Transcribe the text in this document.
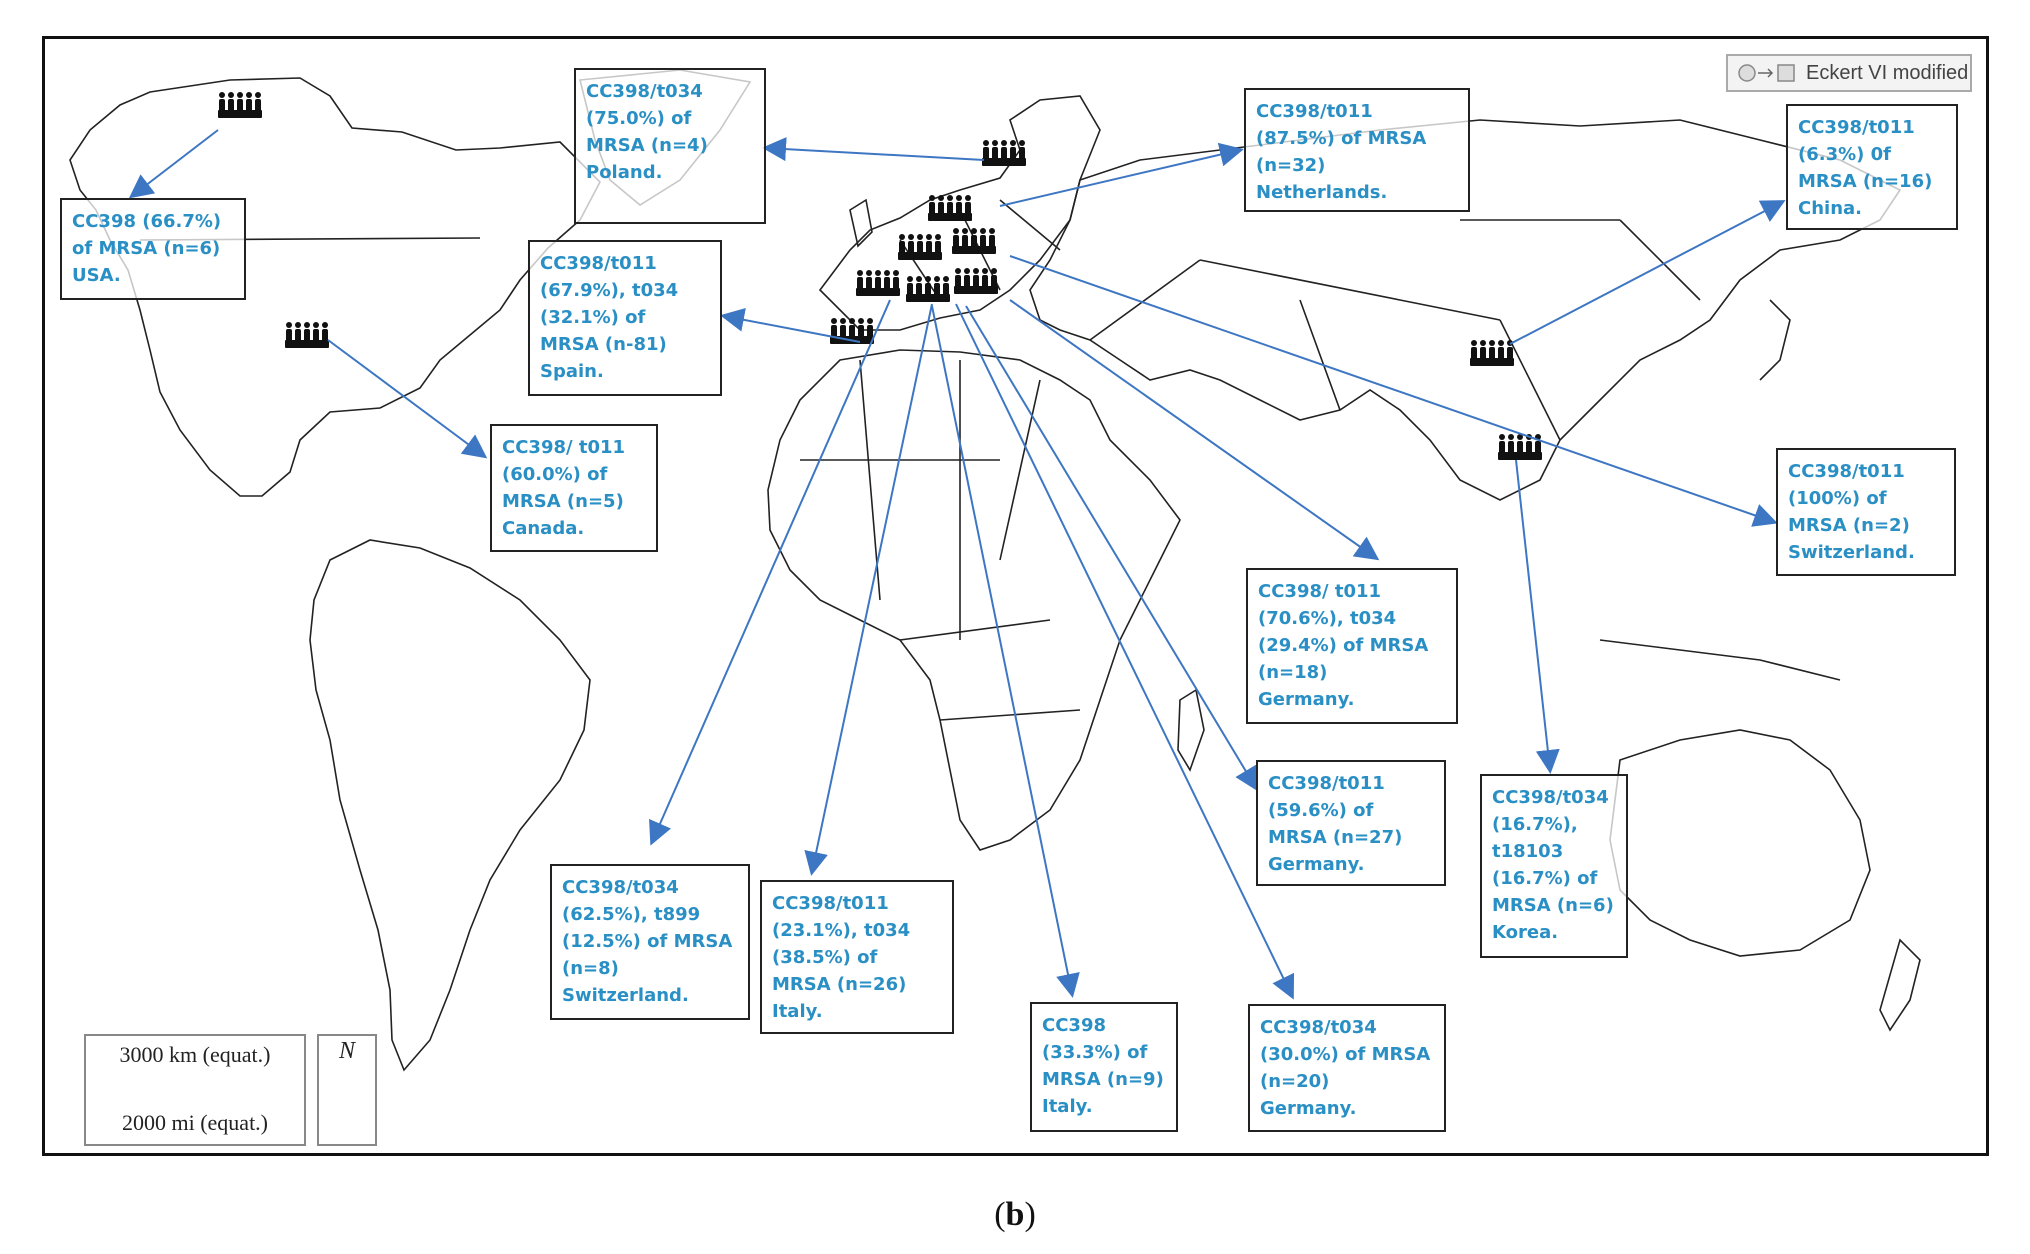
Eckert VI modified
3000 km (equat.)
2000 mi (equat.)
N
CC398 (66.7%)
of MRSA (n=6)
USA.
CC398/t034
(75.0%) of
MRSA (n=4)
Poland.
CC398/t011
(87.5%) of MRSA
(n=32)
Netherlands.
CC398/t011
(6.3%) 0f
MRSA (n=16)
China.
CC398/t011
(67.9%), t034
(32.1%) of
MRSA (n-81)
Spain.
CC398/ t011
(60.0%) of
MRSA (n=5)
Canada.
CC398/t011
(100%) of
MRSA (n=2)
Switzerland.
CC398/ t011
(70.6%), t034
(29.4%) of MRSA
(n=18)
Germany.
CC398/t011
(59.6%) of
MRSA (n=27)
Germany.
CC398/t034
(16.7%),
t18103
(16.7%) of
MRSA (n=6)
Korea.
CC398/t034
(62.5%), t899
(12.5%) of MRSA
(n=8)
Switzerland.
CC398/t011
(23.1%), t034
(38.5%) of
MRSA (n=26)
Italy.
CC398
(33.3%) of
MRSA (n=9)
Italy.
CC398/t034
(30.0%) of MRSA
(n=20)
Germany.
(b)
